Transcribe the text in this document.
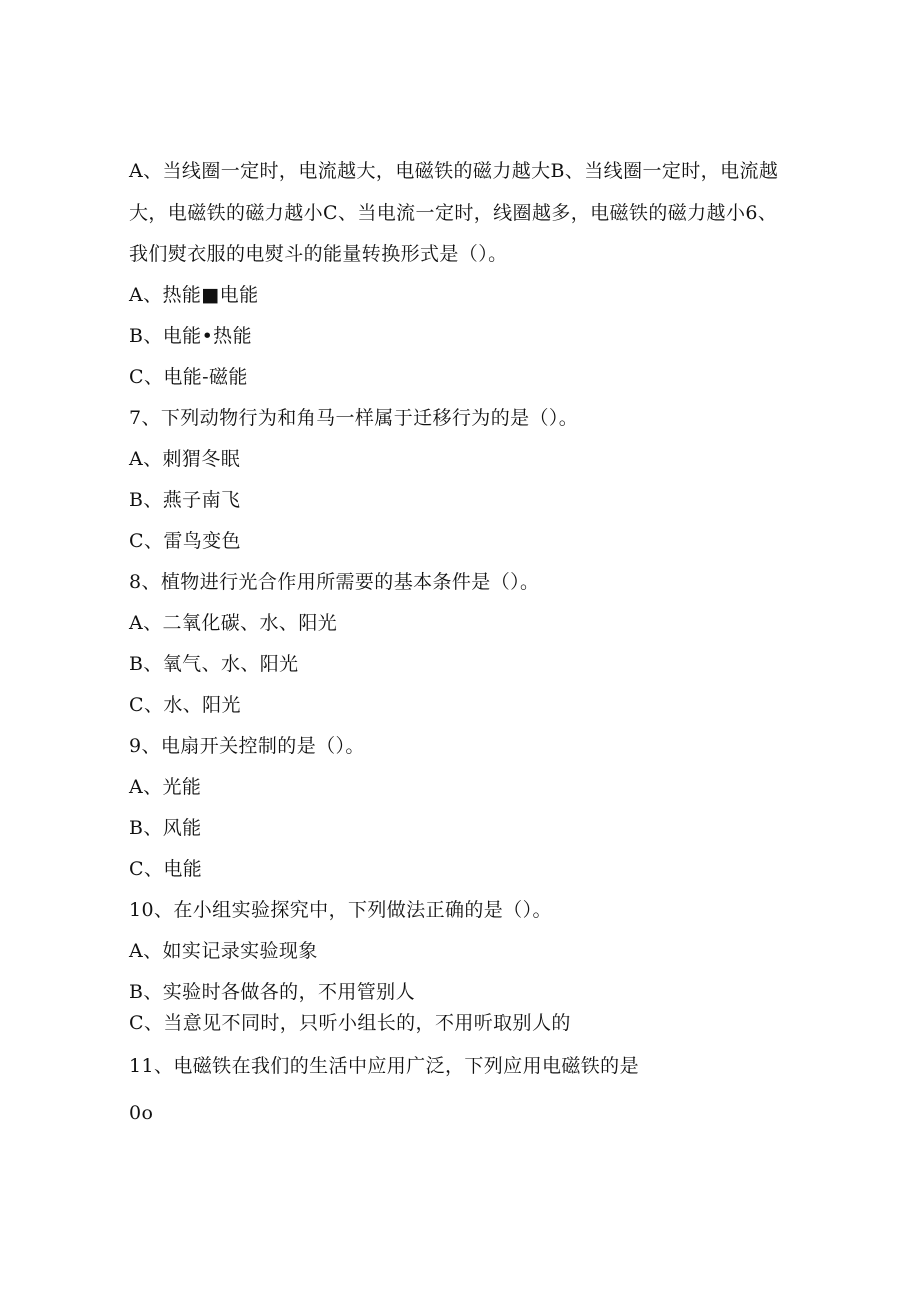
A、当线圈一定时，电流越大，电磁铁的磁力越大B、当线圈一定时，电流越
大，电磁铁的磁力越小C、当电流一定时，线圈越多，电磁铁的磁力越小6、
我们熨衣服的电熨斗的能量转换形式是（）。
A、热能■电能
B、电能•热能
C、电能-磁能
7、下列动物行为和角马一样属于迁移行为的是（）。
A、刺猬冬眠
B、燕子南飞
C、雷鸟变色
8、植物进行光合作用所需要的基本条件是（）。
A、二氧化碳、水、阳光
B、氧气、水、阳光
C、水、阳光
9、电扇开关控制的是（）。
A、光能
B、风能
C、电能
10、在小组实验探究中，下列做法正确的是（）。
A、如实记录实验现象
B、实验时各做各的，不用管别人
C、当意见不同时，只听小组长的，不用听取别人的
11、电磁铁在我们的生活中应用广泛，下列应用电磁铁的是
0o
